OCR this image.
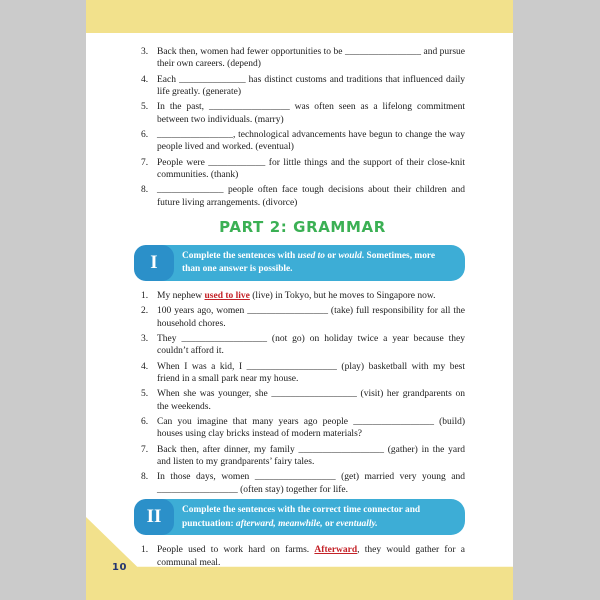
3. Back then, women had fewer opportunities to be ________________ and pursue their own careers. (depend)
4. Each ______________ has distinct customs and traditions that influenced daily life greatly. (generate)
5. In the past, _________________ was often seen as a lifelong commitment between two individuals. (marry)
6. ________________, technological advancements have begun to change the way people lived and worked. (eventual)
7. People were ____________ for little things and the support of their close-knit communities. (thank)
8. ______________ people often face tough decisions about their children and future living arrangements. (divorce)
PART 2: GRAMMAR
I	Complete the sentences with used to or would. Sometimes, more than one answer is possible.
1. My nephew used to live (live) in Tokyo, but he moves to Singapore now.
2. 100 years ago, women _________________ (take) full responsibility for all the household chores.
3. They __________________ (not go) on holiday twice a year because they couldn’t afford it.
4. When I was a kid, I ___________________ (play) basketball with my best friend in a small park near my house.
5. When she was younger, she __________________ (visit) her grandparents on the weekends.
6. Can you imagine that many years ago people _________________ (build) houses using clay bricks instead of modern materials?
7. Back then, after dinner, my family __________________ (gather) in the yard and listen to my grandparents’ fairy tales.
8. In those days, women _________________ (get) married very young and _________________ (often stay) together for life.
II	Complete the sentences with the correct time connector and punctuation: afterward, meanwhile, or eventually.
1. People used to work hard on farms. Afterward, they would gather for a communal meal.
10
